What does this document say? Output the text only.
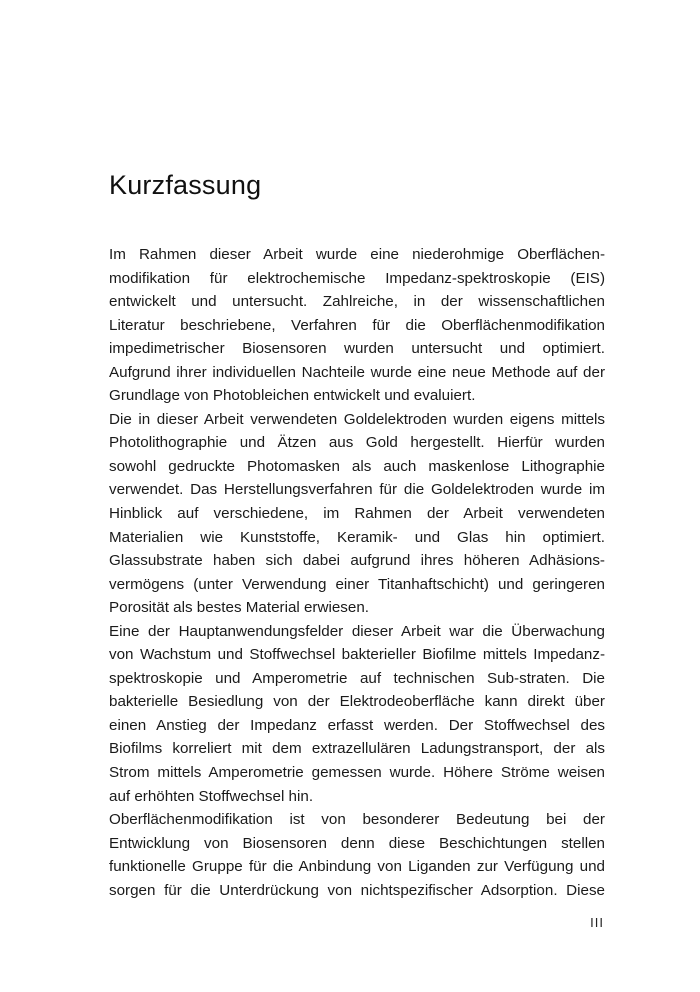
Kurzfassung
Im Rahmen dieser Arbeit wurde eine niederohmige Oberflächen-
modifikation für elektrochemische Impedanz-spektroskopie (EIS)
entwickelt und untersucht. Zahlreiche, in der wissenschaftlichen
Literatur beschriebene, Verfahren für die Oberflächenmodifikation
impedimetrischer Biosensoren wurden untersucht und optimiert.
Aufgrund ihrer individuellen Nachteile wurde eine neue Methode auf der
Grundlage von Photobleichen entwickelt und evaluiert.
Die in dieser Arbeit verwendeten Goldelektroden wurden eigens mittels
Photolithographie und Ätzen aus Gold hergestellt. Hierfür wurden
sowohl gedruckte Photomasken als auch maskenlose Lithographie
verwendet. Das Herstellungsverfahren für die Goldelektroden wurde im
Hinblick auf verschiedene, im Rahmen der Arbeit verwendeten
Materialien wie Kunststoffe, Keramik- und Glas hin optimiert.
Glassubstrate haben sich dabei aufgrund ihres höheren Adhäsions-
vermögens (unter Verwendung einer Titanhaftschicht) und geringeren
Porosität als bestes Material erwiesen.
Eine der Hauptanwendungsfelder dieser Arbeit war die Überwachung
von Wachstum und Stoffwechsel bakterieller Biofilme mittels Impedanz-
spektroskopie und Amperometrie auf technischen Sub-straten. Die
bakterielle Besiedlung von der Elektrodeoberfläche kann direkt über
einen Anstieg der Impedanz erfasst werden. Der Stoffwechsel des
Biofilms korreliert mit dem extrazellulären Ladungstransport, der als
Strom mittels Amperometrie gemessen wurde. Höhere Ströme weisen
auf erhöhten Stoffwechsel hin.
Oberflächenmodifikation ist von besonderer Bedeutung bei der
Entwicklung von Biosensoren denn diese Beschichtungen stellen
funktionelle Gruppe für die Anbindung von Liganden zur Verfügung und
sorgen für die Unterdrückung von nichtspezifischer Adsorption. Diese
III
